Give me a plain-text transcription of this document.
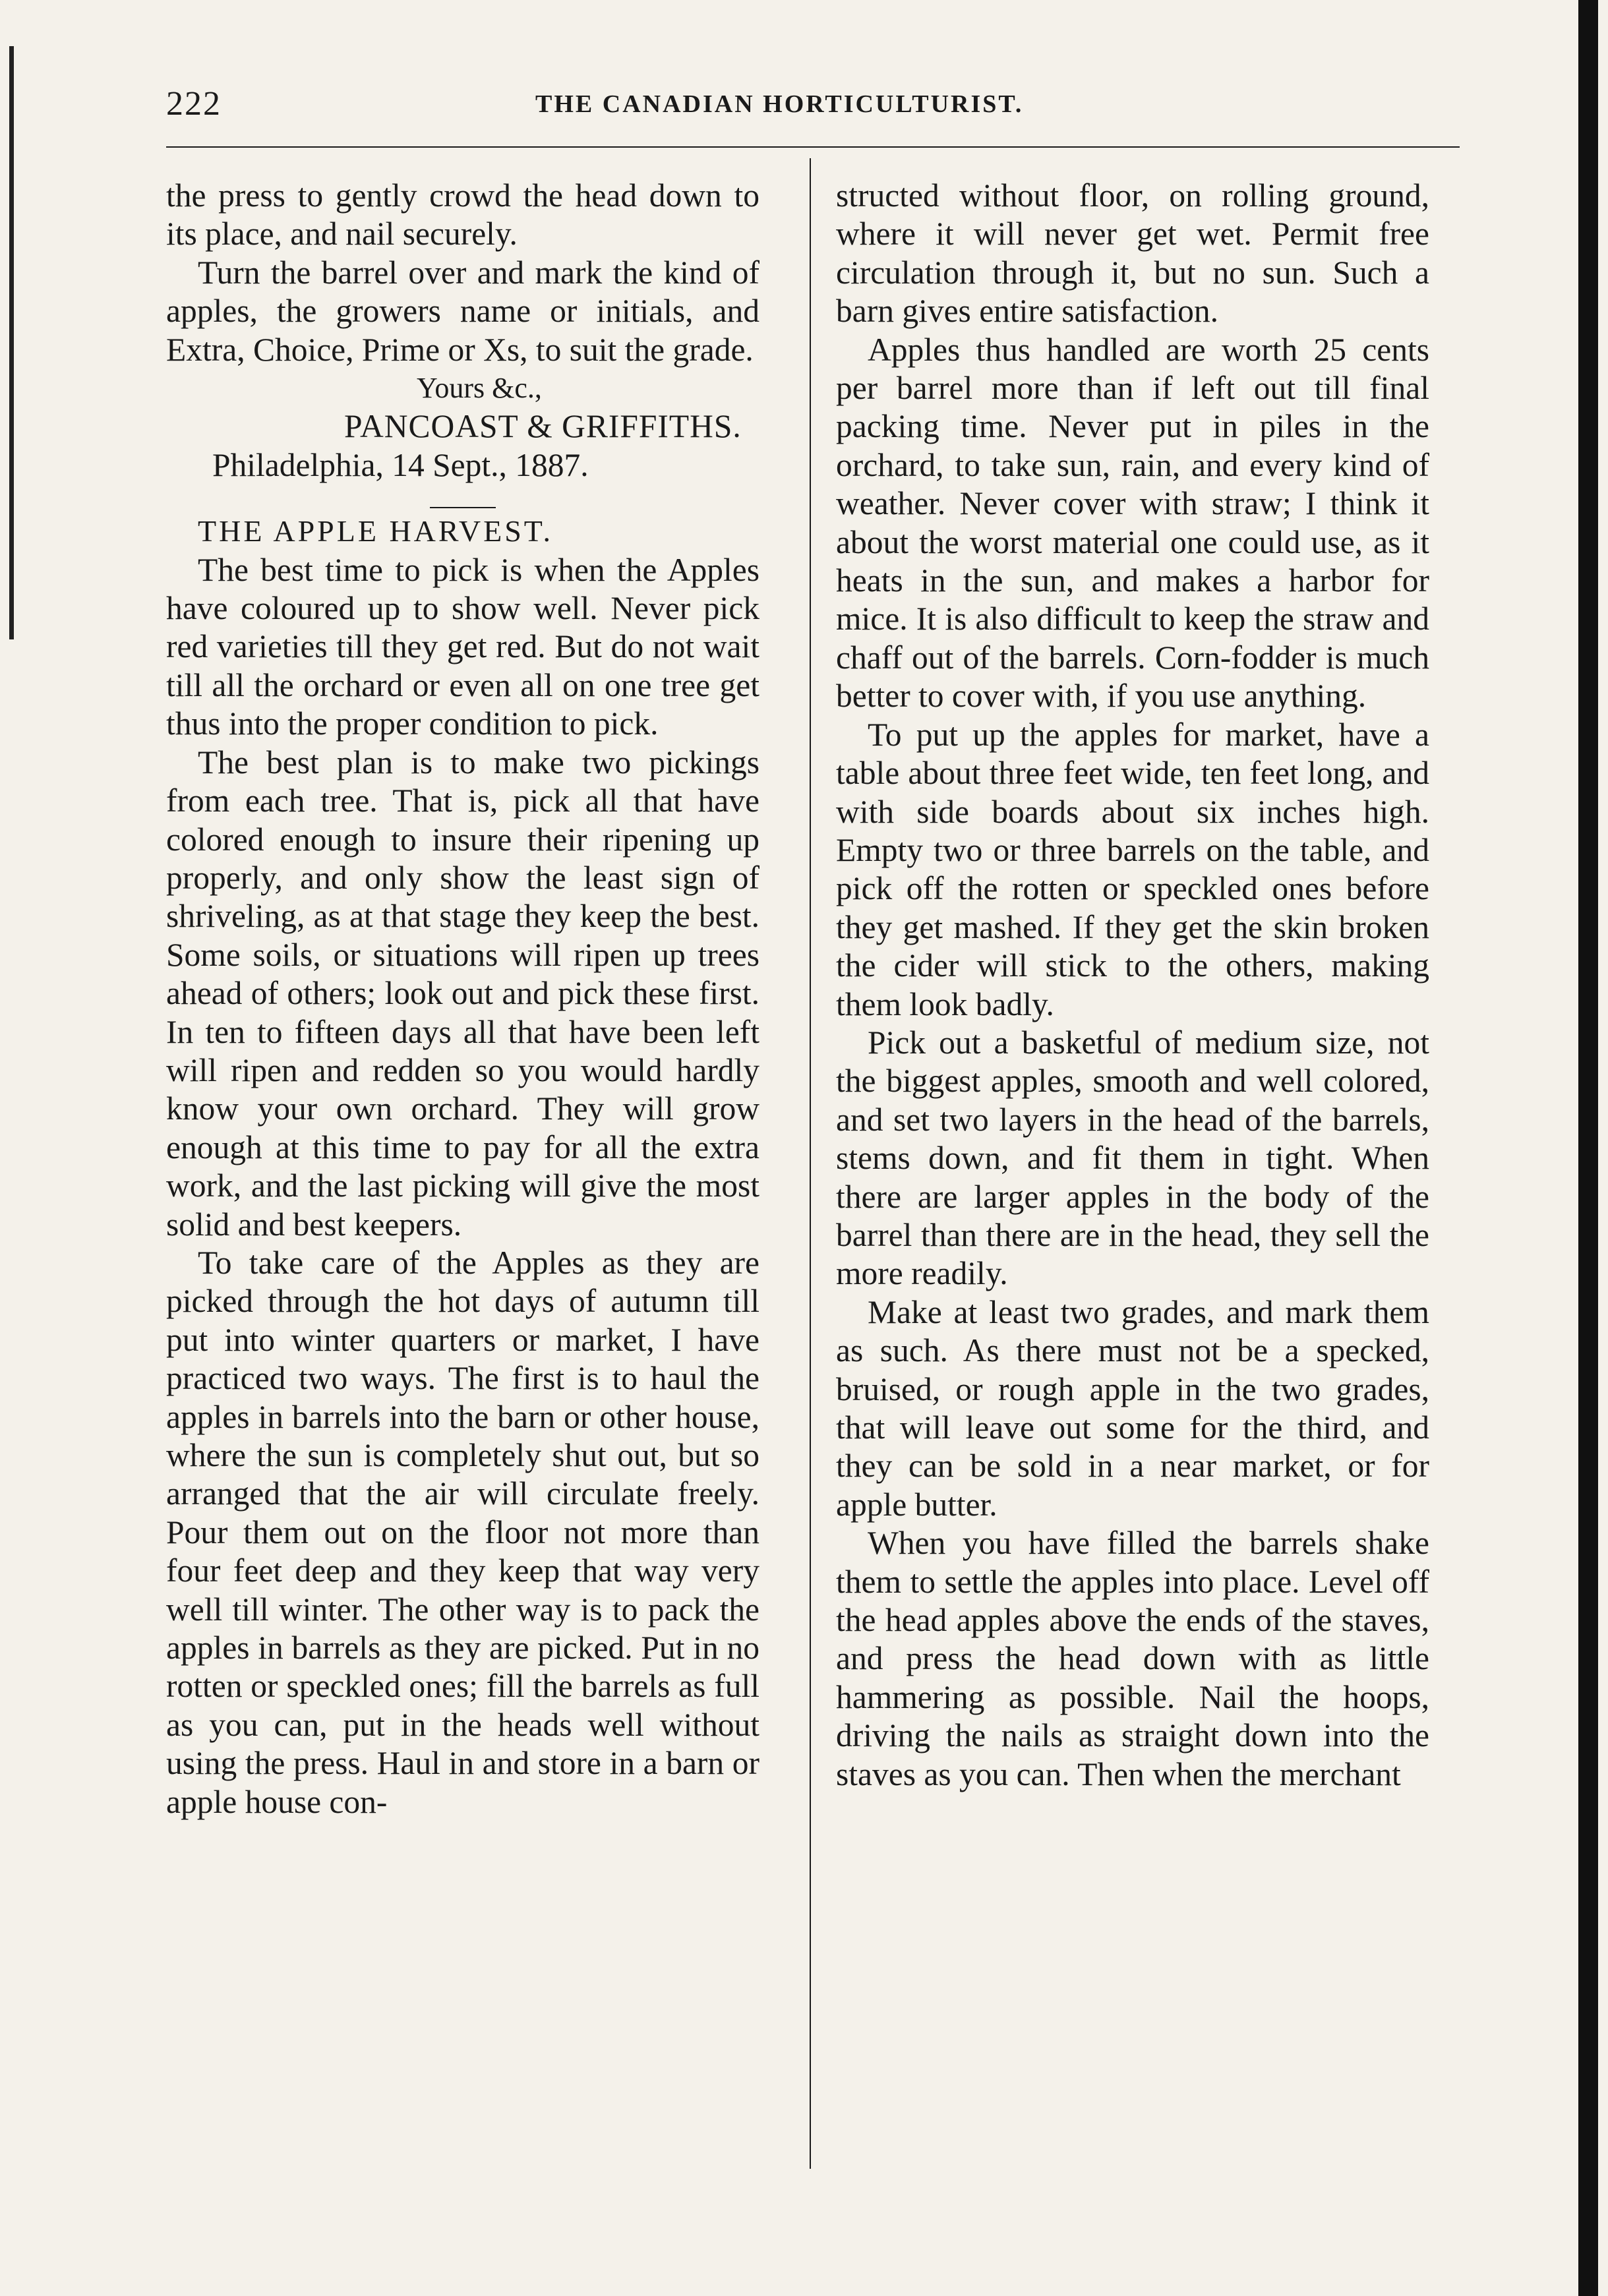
222	THE CANADIAN HORTICULTURIST.

the press to gently crowd the head down to its place, and nail securely.

Turn the barrel over and mark the kind of apples, the growers name or initials, and Extra, Choice, Prime or Xs, to suit the grade.

Yours &c.,
PANCOAST & GRIFFITHS.
Philadelphia, 14 Sept., 1887.

THE APPLE HARVEST.

The best time to pick is when the Apples have coloured up to show well. Never pick red varieties till they get red. But do not wait till all the orchard or even all on one tree get thus into the proper condition to pick.

The best plan is to make two pickings from each tree. That is, pick all that have colored enough to insure their ripening up properly, and only show the least sign of shriveling, as at that stage they keep the best. Some soils, or situations will ripen up trees ahead of others; look out and pick these first. In ten to fifteen days all that have been left will ripen and redden so you would hardly know your own orchard. They will grow enough at this time to pay for all the extra work, and the last picking will give the most solid and best keepers.

To take care of the Apples as they are picked through the hot days of autumn till put into winter quarters or market, I have practiced two ways. The first is to haul the apples in barrels into the barn or other house, where the sun is completely shut out, but so arranged that the air will circulate freely. Pour them out on the floor not more than four feet deep and they keep that way very well till winter. The other way is to pack the apples in barrels as they are picked. Put in no rotten or speckled ones; fill the barrels as full as you can, put in the heads well without using the press. Haul in and store in a barn or apple house con-

structed without floor, on rolling ground, where it will never get wet. Permit free circulation through it, but no sun. Such a barn gives entire satisfaction.

Apples thus handled are worth 25 cents per barrel more than if left out till final packing time. Never put in piles in the orchard, to take sun, rain, and every kind of weather. Never cover with straw; I think it about the worst material one could use, as it heats in the sun, and makes a harbor for mice. It is also difficult to keep the straw and chaff out of the barrels. Corn-fodder is much better to cover with, if you use anything.

To put up the apples for market, have a table about three feet wide, ten feet long, and with side boards about six inches high. Empty two or three barrels on the table, and pick off the rotten or speckled ones before they get mashed. If they get the skin broken the cider will stick to the others, making them look badly.

Pick out a basketful of medium size, not the biggest apples, smooth and well colored, and set two layers in the head of the barrels, stems down, and fit them in tight. When there are larger apples in the body of the barrel than there are in the head, they sell the more readily.

Make at least two grades, and mark them as such. As there must not be a specked, bruised, or rough apple in the two grades, that will leave out some for the third, and they can be sold in a near market, or for apple butter.

When you have filled the barrels shake them to settle the apples into place. Level off the head apples above the ends of the staves, and press the head down with as little hammering as possible. Nail the hoops, driving the nails as straight down into the staves as you can. Then when the merchant
